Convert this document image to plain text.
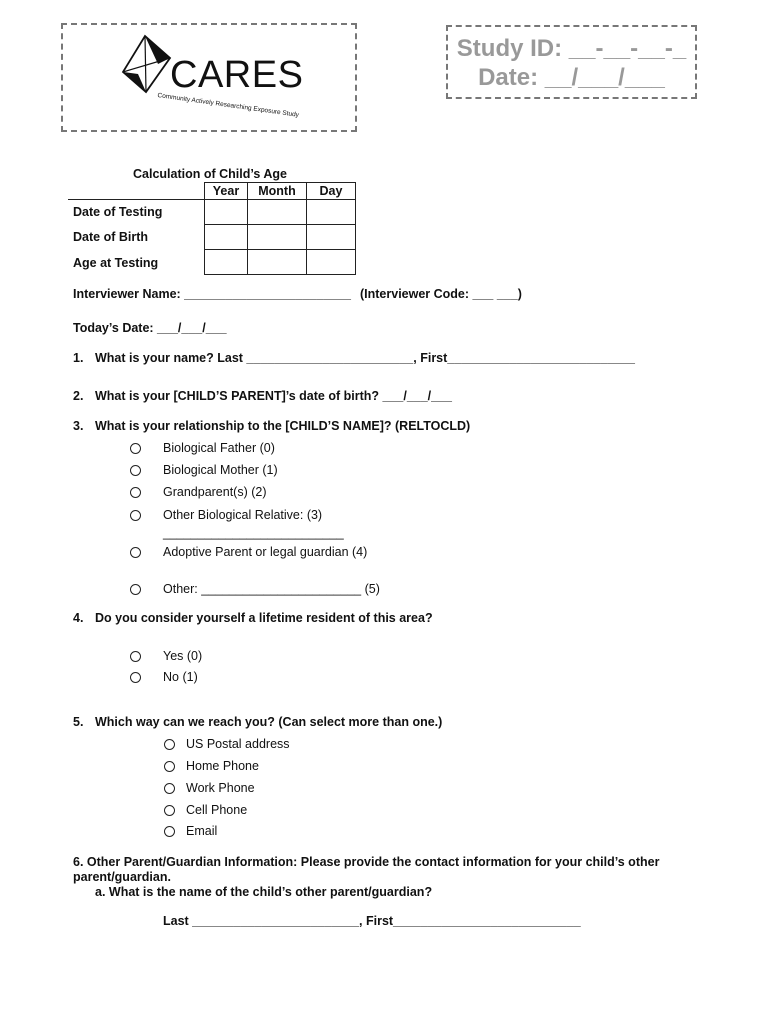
CARES
Community Actively Researching Exposure Study
Study ID: __-__-__-_
Date: __/___/___
Calculation of Child’s Age
Year	Month	Day

Date of Testing
Date of Birth
Age at Testing
Interviewer Name: ________________________ (Interviewer Code: ___ ___)
Today’s Date: ___/___/___
1. What is your name? Last ________________________, First___________________________
2. What is your [CHILD’S PARENT]’s date of birth? ___/___/___
3. What is your relationship to the [CHILD’S NAME]? (RELTOCLD)
Biological Father (0)
Biological Mother (1)
Grandparent(s) (2)
Other Biological Relative: (3)
__________________________
Adoptive Parent or legal guardian (4)
Other: _______________________ (5)
4. Do you consider yourself a lifetime resident of this area?
Yes (0)
No (1)
5. Which way can we reach you? (Can select more than one.)
US Postal address
Home Phone
Work Phone
Cell Phone
Email
6. Other Parent/Guardian Information: Please provide the contact information for your child’s other
parent/guardian.
a. What is the name of the child’s other parent/guardian?
Last ________________________, First___________________________
